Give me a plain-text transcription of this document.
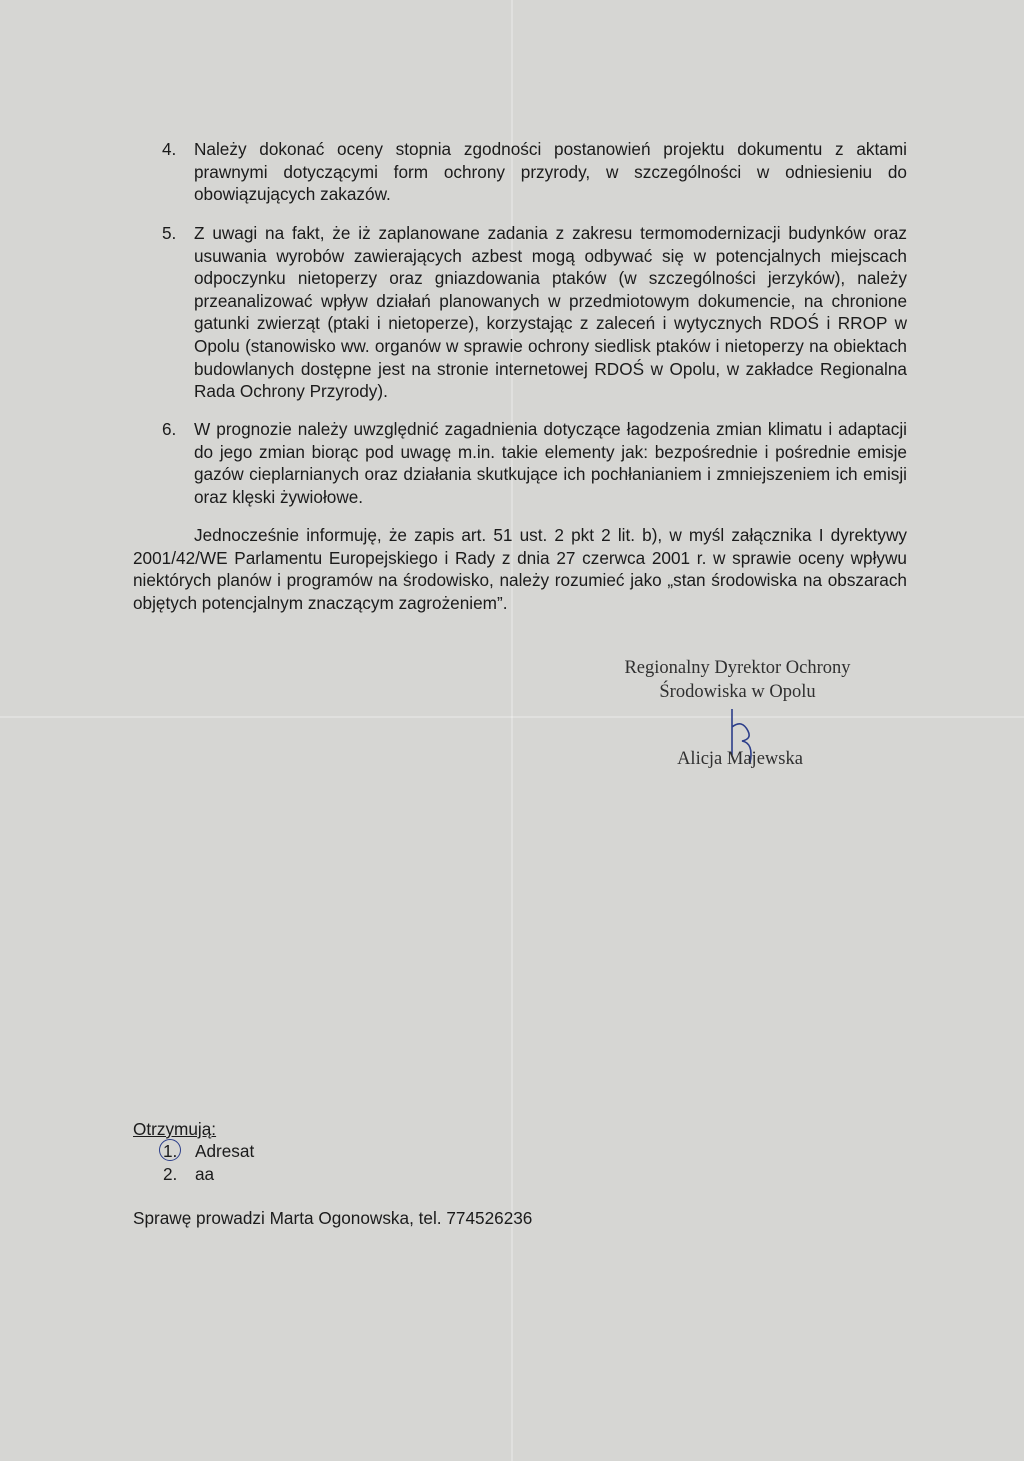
4.	Należy dokonać oceny stopnia zgodności postanowień projektu dokumentu z aktami prawnymi dotyczącymi form ochrony przyrody, w szczególności w odniesieniu do obowiązujących zakazów.
5.	Z uwagi na fakt, że iż zaplanowane zadania z zakresu termomodernizacji budynków oraz usuwania wyrobów zawierających azbest mogą odbywać się w potencjalnych miejscach odpoczynku nietoperzy oraz gniazdowania ptaków (w szczególności jerzyków), należy przeanalizować wpływ działań planowanych w przedmiotowym dokumencie, na chronione gatunki zwierząt (ptaki i nietoperze), korzystając z zaleceń i wytycznych RDOŚ i RROP w Opolu (stanowisko ww. organów w sprawie ochrony siedlisk ptaków i nietoperzy na obiektach budowlanych dostępne jest na stronie internetowej RDOŚ w Opolu, w zakładce Regionalna Rada Ochrony Przyrody).
6.	W prognozie należy uwzględnić zagadnienia dotyczące łagodzenia zmian klimatu i adaptacji do jego zmian biorąc pod uwagę m.in. takie elementy jak: bezpośrednie i pośrednie emisje gazów cieplarnianych oraz działania skutkujące ich pochłanianiem i zmniejszeniem ich emisji oraz klęski żywiołowe.
Jednocześnie informuję, że zapis art. 51 ust. 2 pkt 2 lit. b), w myśl załącznika I dyrektywy 2001/42/WE Parlamentu Europejskiego i Rady z dnia 27 czerwca 2001 r. w sprawie oceny wpływu niektórych planów i programów na środowisko, należy rozumieć jako „stan środowiska na obszarach objętych potencjalnym znaczącym zagrożeniem”.
Regionalny Dyrektor Ochrony
Środowiska w Opolu
Alicja Majewska
Otrzymują:
1. Adresat
2. aa
Sprawę prowadzi Marta Ogonowska, tel. 774526236
